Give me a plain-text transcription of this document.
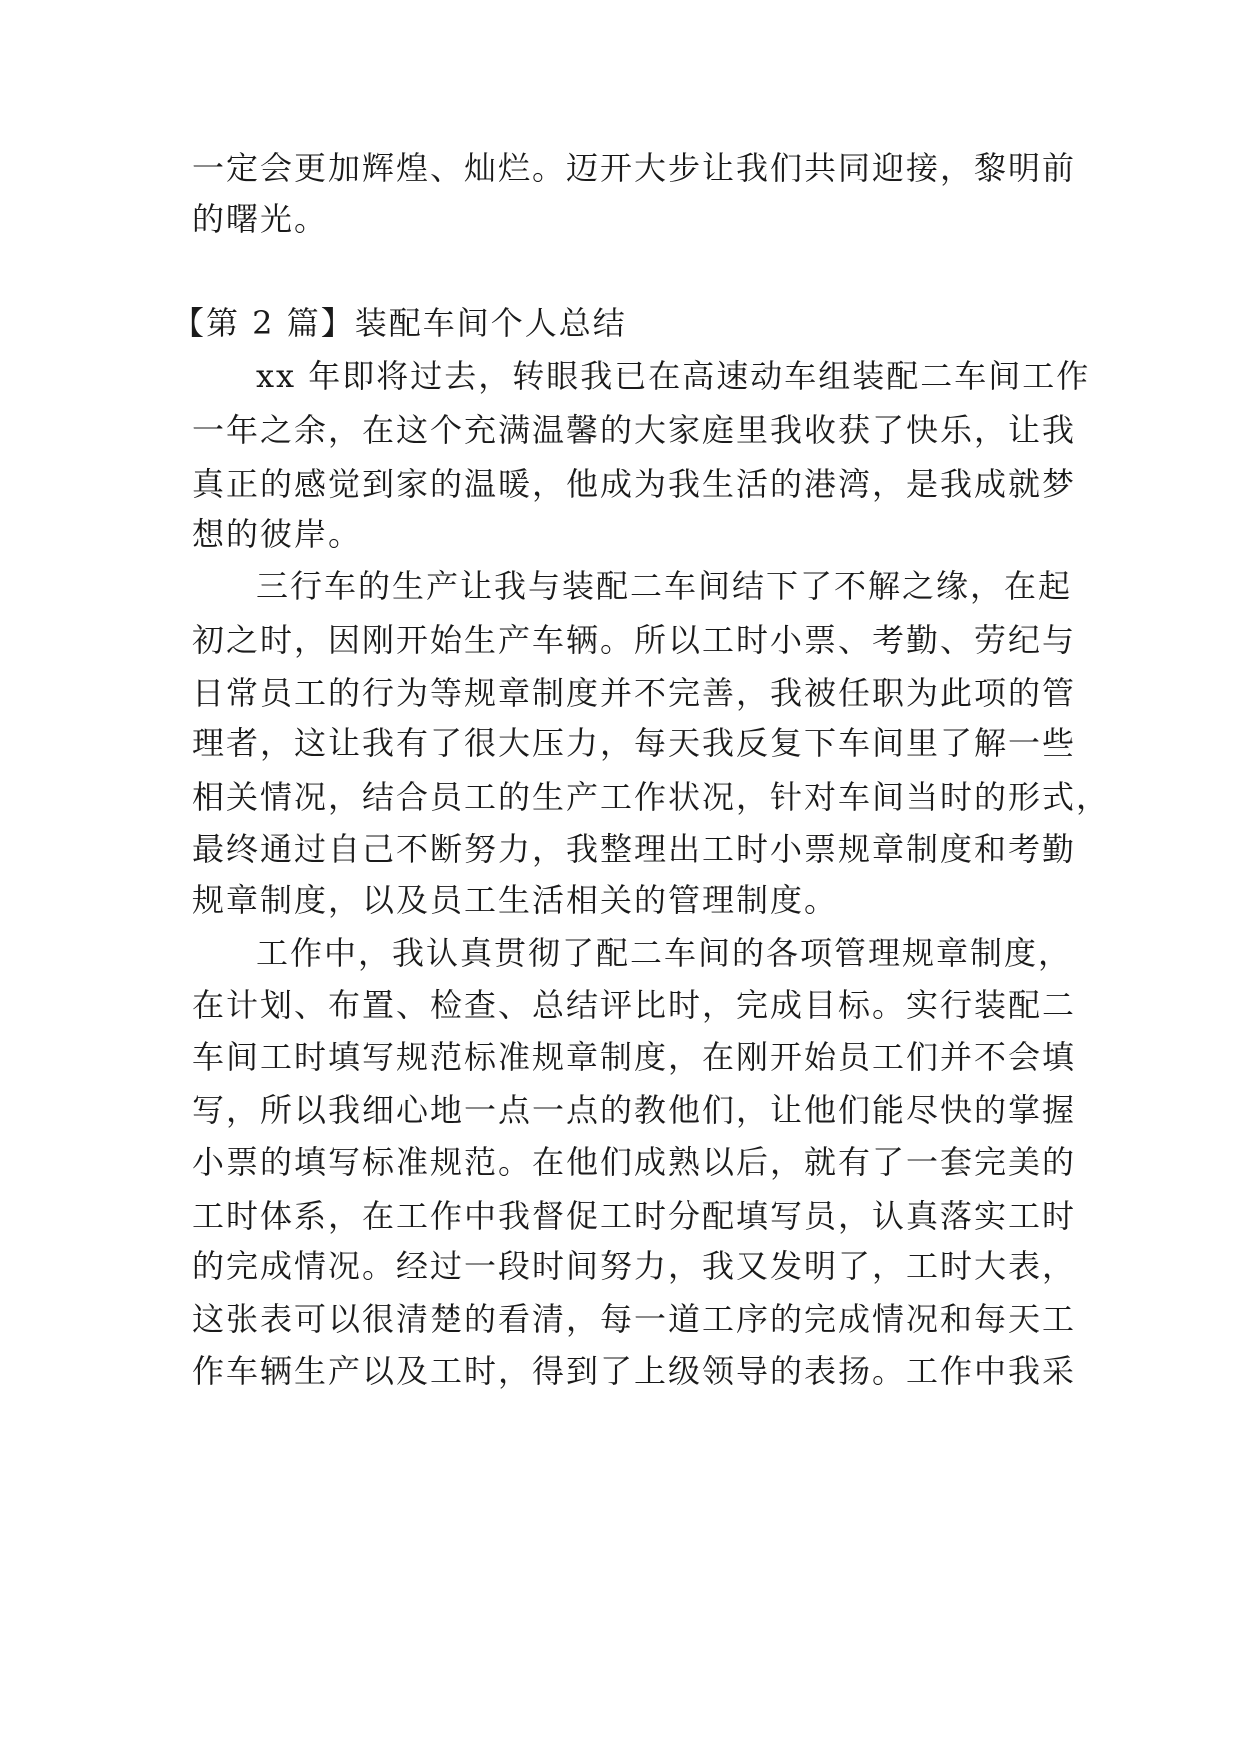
一定会更加辉煌、灿烂。迈开大步让我们共同迎接，黎明前
的曙光。
【第 2 篇】装配车间个人总结
xx 年即将过去，转眼我已在高速动车组装配二车间工作
一年之余，在这个充满温馨的大家庭里我收获了快乐，让我
真正的感觉到家的温暖，他成为我生活的港湾，是我成就梦
想的彼岸。
三行车的生产让我与装配二车间结下了不解之缘，在起
初之时，因刚开始生产车辆。所以工时小票、考勤、劳纪与
日常员工的行为等规章制度并不完善，我被任职为此项的管
理者，这让我有了很大压力，每天我反复下车间里了解一些
相关情况，结合员工的生产工作状况，针对车间当时的形式，
最终通过自己不断努力，我整理出工时小票规章制度和考勤
规章制度，以及员工生活相关的管理制度。
工作中，我认真贯彻了配二车间的各项管理规章制度，
在计划、布置、检查、总结评比时，完成目标。实行装配二
车间工时填写规范标准规章制度，在刚开始员工们并不会填
写，所以我细心地一点一点的教他们，让他们能尽快的掌握
小票的填写标准规范。在他们成熟以后，就有了一套完美的
工时体系，在工作中我督促工时分配填写员，认真落实工时
的完成情况。经过一段时间努力，我又发明了，工时大表，
这张表可以很清楚的看清，每一道工序的完成情况和每天工
作车辆生产以及工时，得到了上级领导的表扬。工作中我采
